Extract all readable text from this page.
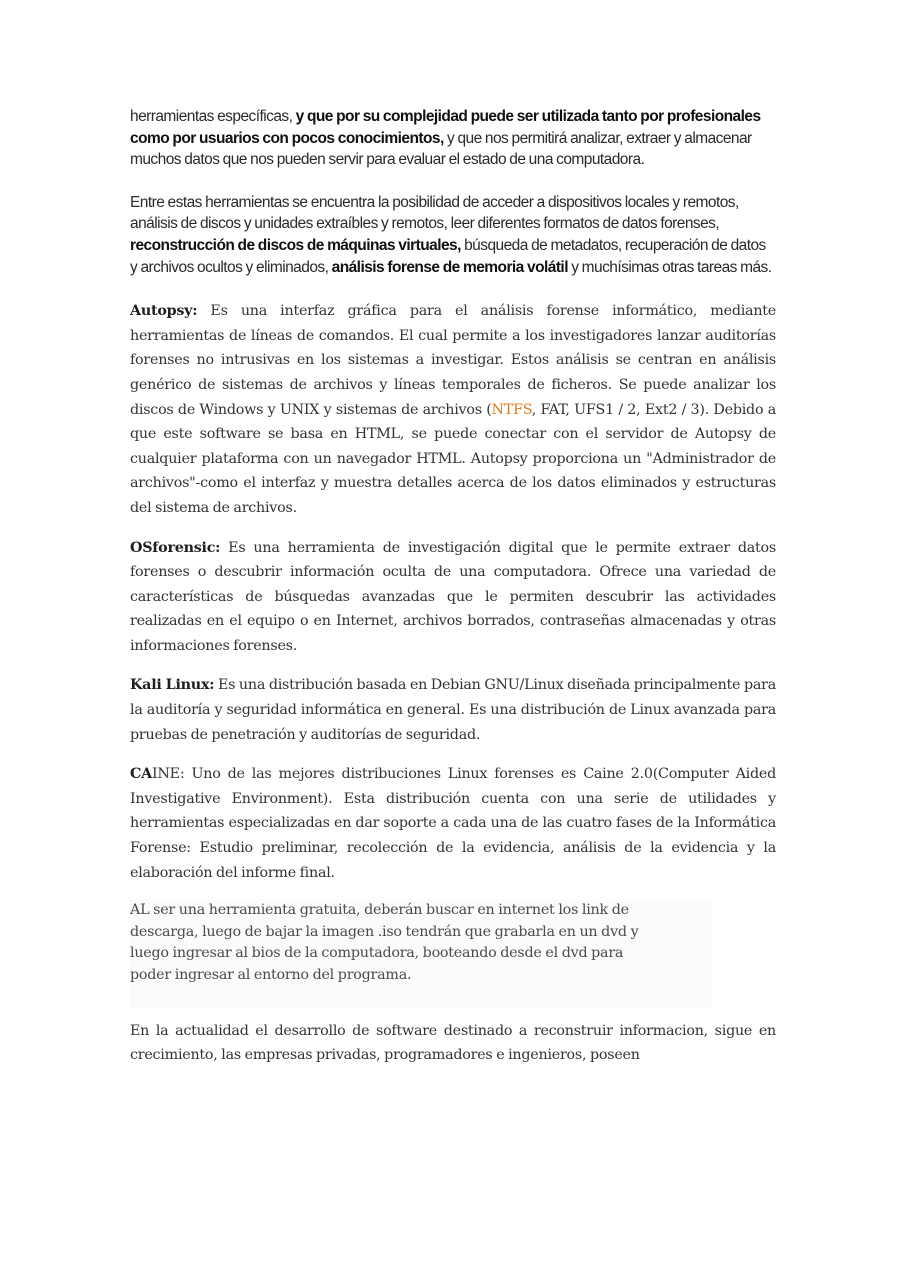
herramientas específicas, y que por su complejidad puede ser utilizada tanto por profesionales como por usuarios con pocos conocimientos, y que nos permitirá analizar, extraer y almacenar muchos datos que nos pueden servir para evaluar el estado de una computadora.

Entre estas herramientas se encuentra la posibilidad de acceder a dispositivos locales y remotos, análisis de discos y unidades extraíbles y remotos, leer diferentes formatos de datos forenses, reconstrucción de discos de máquinas virtuales, búsqueda de metadatos, recuperación de datos y archivos ocultos y eliminados, análisis forense de memoria volátil y muchísimas otras tareas más.

Autopsy: Es una interfaz gráfica para el análisis forense informático, mediante herramientas de líneas de comandos. El cual permite a los investigadores lanzar auditorías forenses no intrusivas en los sistemas a investigar. Estos análisis se centran en análisis genérico de sistemas de archivos y líneas temporales de ficheros. Se puede analizar los discos de Windows y UNIX y sistemas de archivos (NTFS, FAT, UFS1 / 2, Ext2 / 3). Debido a que este software se basa en HTML, se puede conectar con el servidor de Autopsy de cualquier plataforma con un navegador HTML. Autopsy proporciona un "Administrador de archivos"-como el interfaz y muestra detalles acerca de los datos eliminados y estructuras del sistema de archivos.

OSforensic: Es una herramienta de investigación digital que le permite extraer datos forenses o descubrir información oculta de una computadora. Ofrece una variedad de características de búsquedas avanzadas que le permiten descubrir las actividades realizadas en el equipo o en Internet, archivos borrados, contraseñas almacenadas y otras informaciones forenses.

Kali Linux: Es una distribución basada en Debian GNU/Linux diseñada principalmente para la auditoría y seguridad informática en general. Es una distribución de Linux avanzada para pruebas de penetración y auditorías de seguridad.

CAINE: Uno de las mejores distribuciones Linux forenses es Caine 2.0(Computer Aided Investigative Environment). Esta distribución cuenta con una serie de utilidades y herramientas especializadas en dar soporte a cada una de las cuatro fases de la Informática Forense: Estudio preliminar, recolección de la evidencia, análisis de la evidencia y la elaboración del informe final.

AL ser una herramienta gratuita, deberán buscar en internet los link de
descarga, luego de bajar la imagen .iso tendrán que grabarla en un dvd y
luego ingresar al bios de la computadora, booteando desde el dvd para
poder ingresar al entorno del programa.

En la actualidad el desarrollo de software destinado a reconstruir informacion, sigue en crecimiento, las empresas privadas, programadores e ingenieros, poseen
